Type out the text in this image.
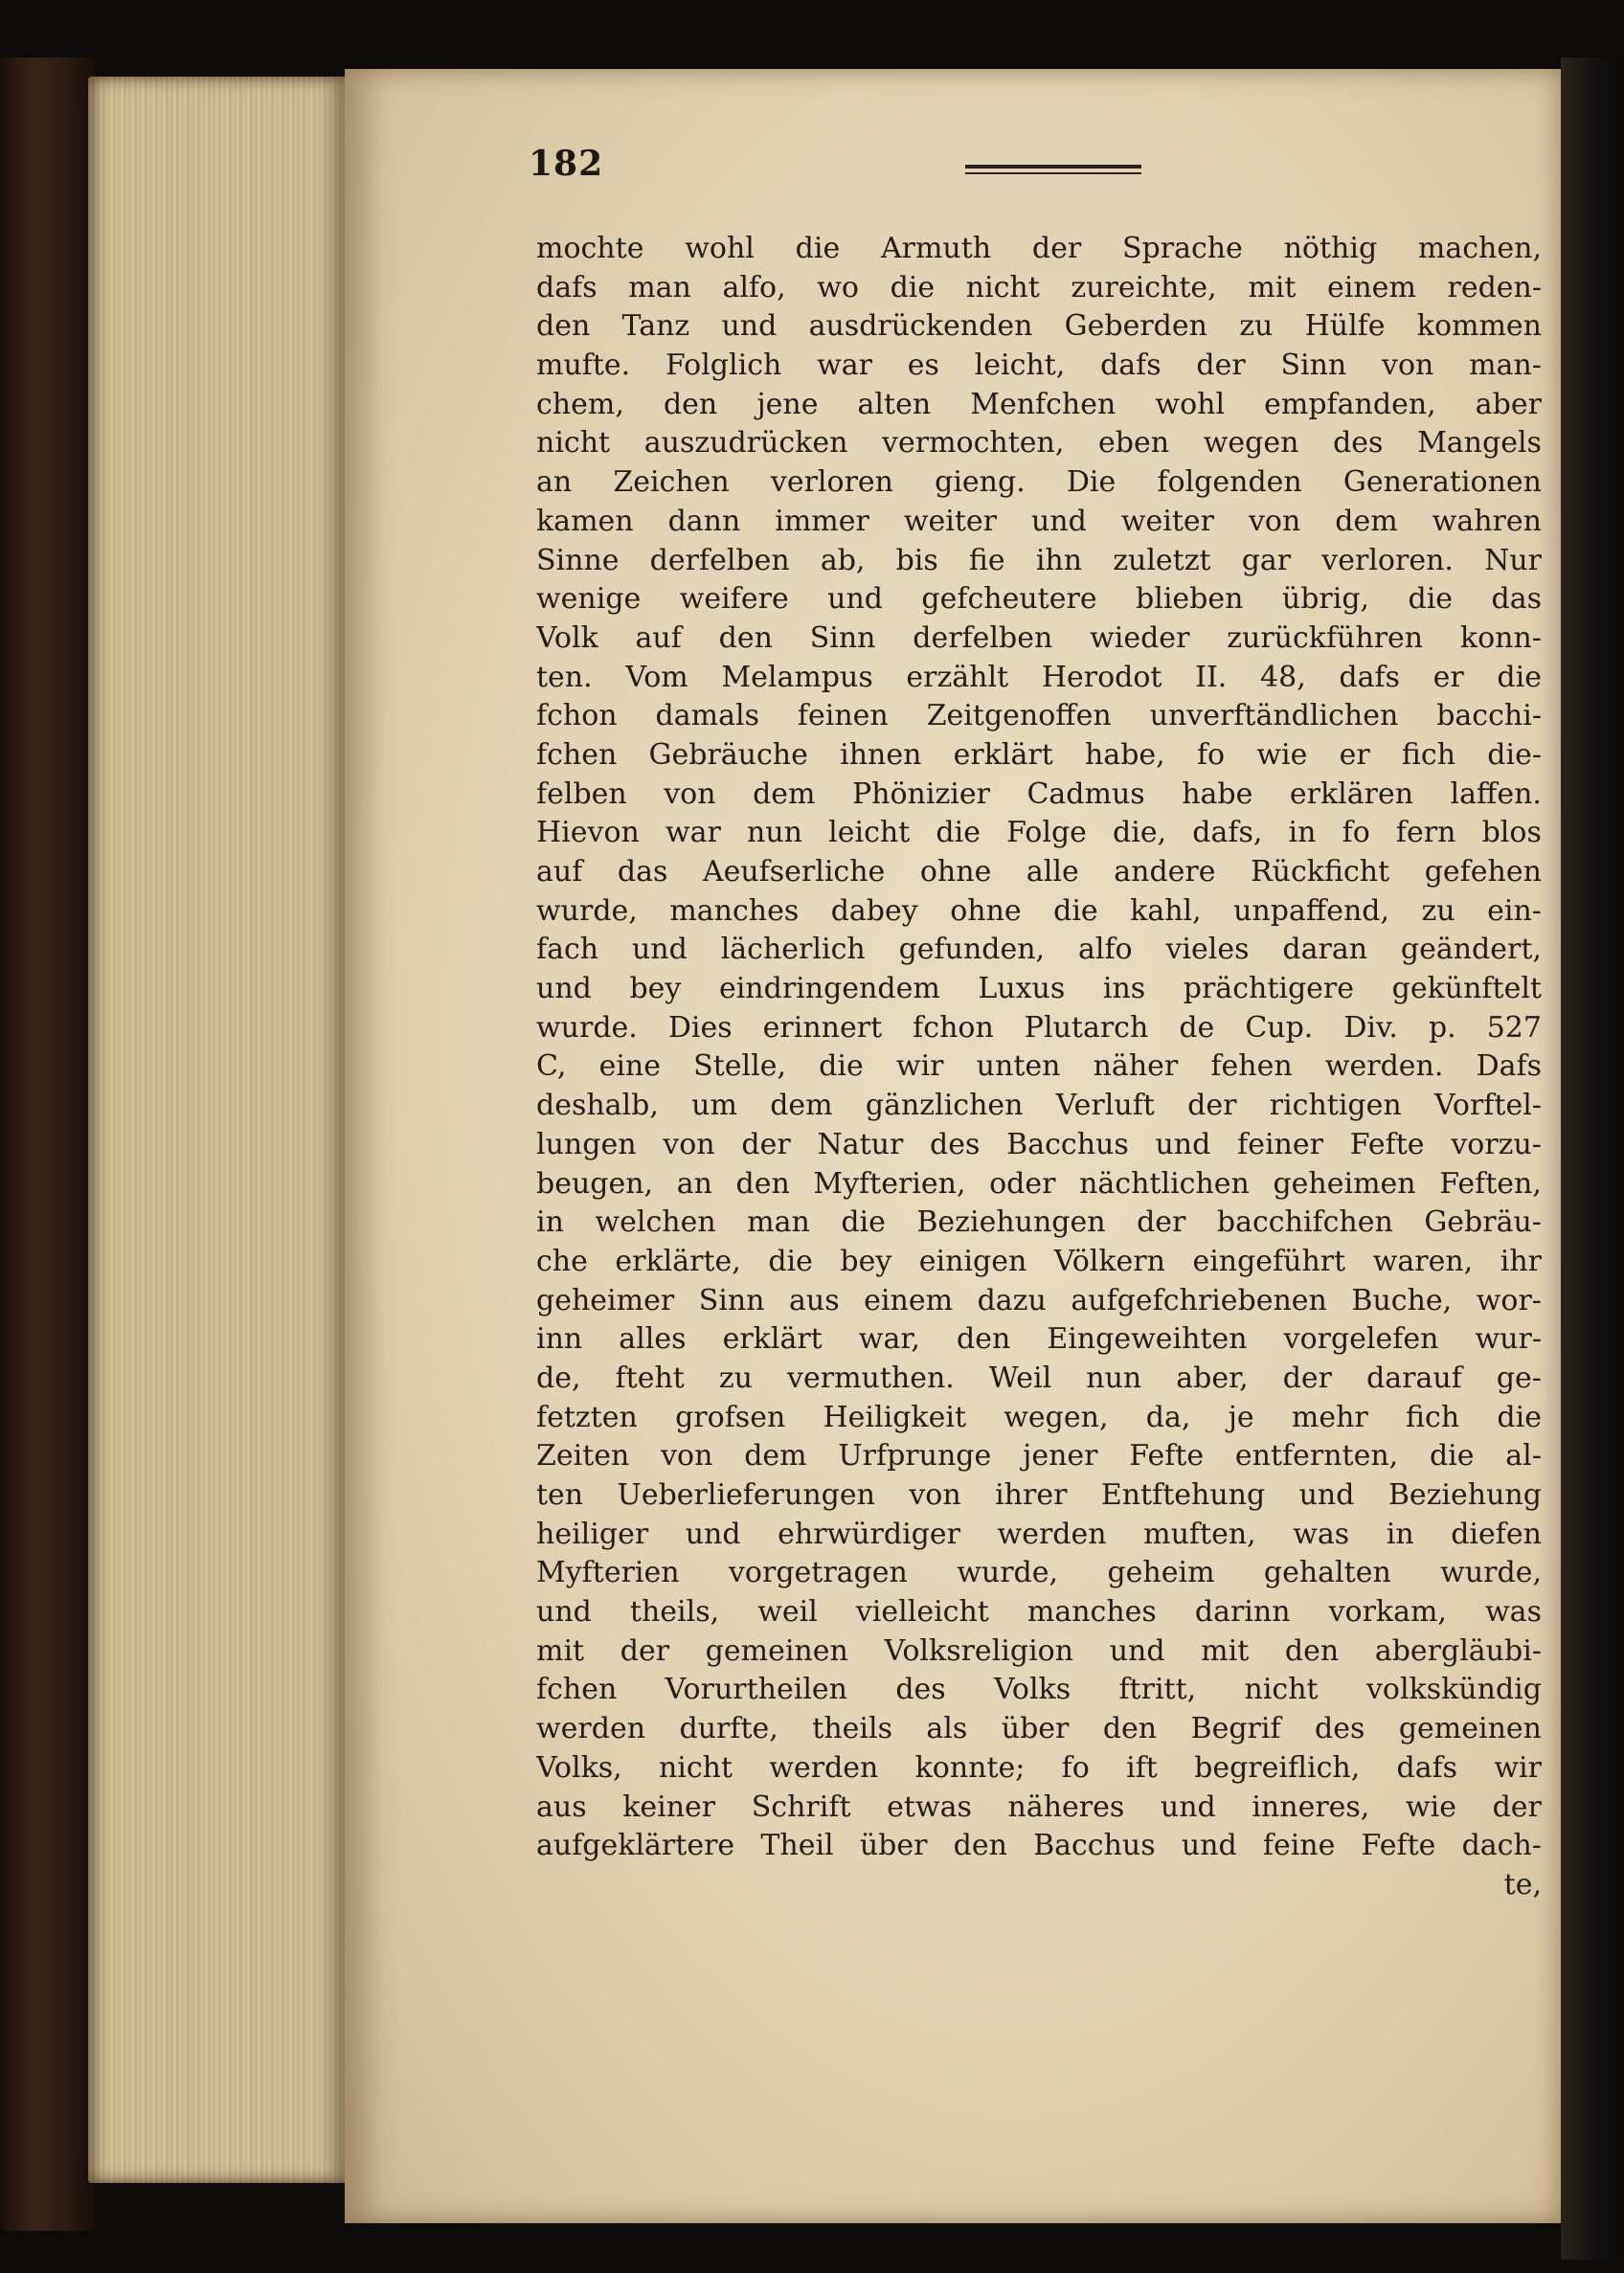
182
mochte wohl die Armuth der Sprache nöthig machen,
dafs man alfo, wo die nicht zureichte, mit einem reden-
den Tanz und ausdrückenden Geberden zu Hülfe kommen
mufte. Folglich war es leicht, dafs der Sinn von man-
chem, den jene alten Menfchen wohl empfanden, aber
nicht auszudrücken vermochten, eben wegen des Mangels
an Zeichen verloren gieng. Die folgenden Generationen
kamen dann immer weiter und weiter von dem wahren
Sinne derfelben ab, bis fie ihn zuletzt gar verloren. Nur
wenige weifere und gefcheutere blieben übrig, die das
Volk auf den Sinn derfelben wieder zurückführen konn-
ten. Vom Melampus erzählt Herodot II. 48, dafs er die
fchon damals feinen Zeitgenoffen unverftändlichen bacchi-
fchen Gebräuche ihnen erklärt habe, fo wie er fich die-
felben von dem Phönizier Cadmus habe erklären laffen.
Hievon war nun leicht die Folge die, dafs, in fo fern blos
auf das Aeufserliche ohne alle andere Rückficht gefehen
wurde, manches dabey ohne die kahl, unpaffend, zu ein-
fach und lächerlich gefunden, alfo vieles daran geändert,
und bey eindringendem Luxus ins prächtigere gekünftelt
wurde. Dies erinnert fchon Plutarch de Cup. Div. p. 527
C, eine Stelle, die wir unten näher fehen werden. Dafs
deshalb, um dem gänzlichen Verluft der richtigen Vorftel-
lungen von der Natur des Bacchus und feiner Fefte vorzu-
beugen, an den Myfterien, oder nächtlichen geheimen Feften,
in welchen man die Beziehungen der bacchifchen Gebräu-
che erklärte, die bey einigen Völkern eingeführt waren, ihr
geheimer Sinn aus einem dazu aufgefchriebenen Buche, wor-
inn alles erklärt war, den Eingeweihten vorgelefen wur-
de, fteht zu vermuthen. Weil nun aber, der darauf ge-
fetzten grofsen Heiligkeit wegen, da, je mehr fich die
Zeiten von dem Urfprunge jener Fefte entfernten, die al-
ten Ueberlieferungen von ihrer Entftehung und Beziehung
heiliger und ehrwürdiger werden muften, was in diefen
Myfterien vorgetragen wurde, geheim gehalten wurde,
und theils, weil vielleicht manches darinn vorkam, was
mit der gemeinen Volksreligion und mit den abergläubi-
fchen Vorurtheilen des Volks ftritt, nicht volkskündig
werden durfte, theils als über den Begrif des gemeinen
Volks, nicht werden konnte; fo ift begreiflich, dafs wir
aus keiner Schrift etwas näheres und inneres, wie der
aufgeklärtere Theil über den Bacchus und feine Fefte dach-
te,
